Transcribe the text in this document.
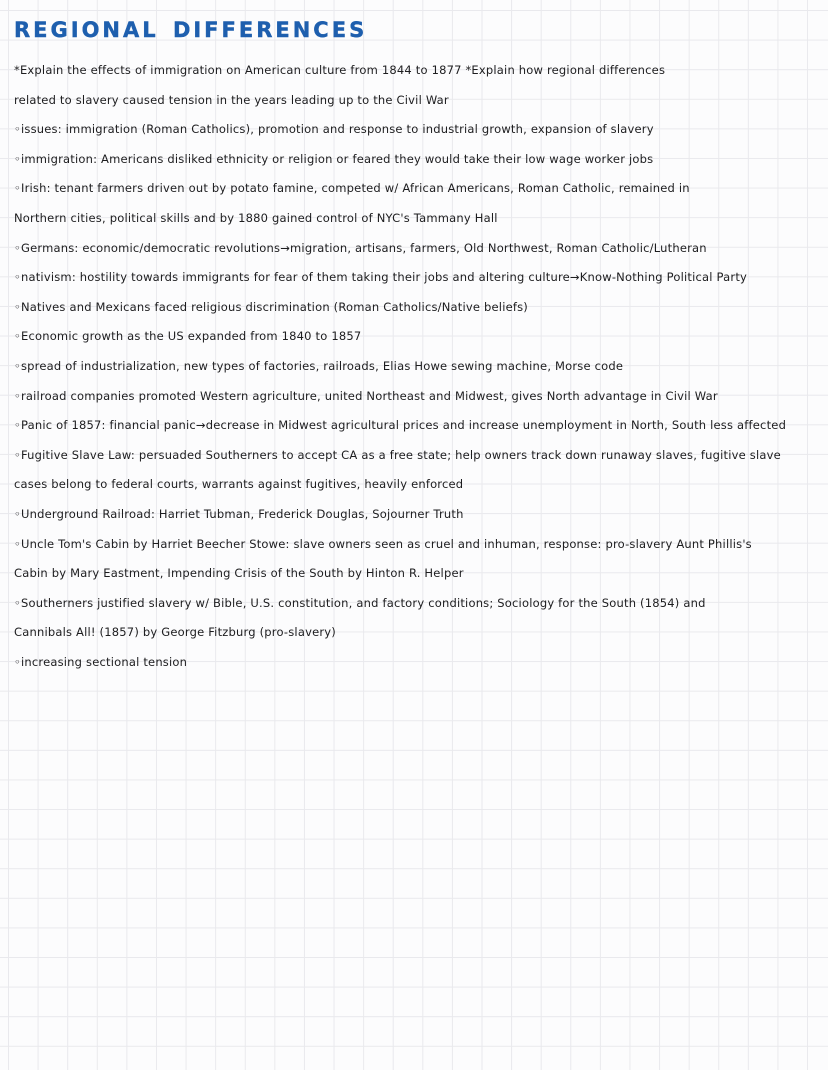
REGIONAL DIFFERENCES
*Explain the effects of immigration on American culture from 1844 to 1877 *Explain how regional differences
related to slavery caused tension in the years leading up to the Civil War
◦issues: immigration (Roman Catholics), promotion and response to industrial growth, expansion of slavery
◦immigration: Americans disliked ethnicity or religion or feared they would take their low wage worker jobs
◦Irish: tenant farmers driven out by potato famine, competed w/ African Americans, Roman Catholic, remained in
Northern cities, political skills and by 1880 gained control of NYC's Tammany Hall
◦Germans: economic/democratic revolutions→migration, artisans, farmers, Old Northwest, Roman Catholic/Lutheran
◦nativism: hostility towards immigrants for fear of them taking their jobs and altering culture→Know-Nothing Political Party
◦Natives and Mexicans faced religious discrimination (Roman Catholics/Native beliefs)
◦Economic growth as the US expanded from 1840 to 1857
◦spread of industrialization, new types of factories, railroads, Elias Howe sewing machine, Morse code
◦railroad companies promoted Western agriculture, united Northeast and Midwest, gives North advantage in Civil War
◦Panic of 1857: financial panic→decrease in Midwest agricultural prices and increase unemployment in North, South less affected
◦Fugitive Slave Law: persuaded Southerners to accept CA as a free state; help owners track down runaway slaves, fugitive slave
cases belong to federal courts, warrants against fugitives, heavily enforced
◦Underground Railroad: Harriet Tubman, Frederick Douglas, Sojourner Truth
◦Uncle Tom's Cabin by Harriet Beecher Stowe: slave owners seen as cruel and inhuman, response: pro-slavery Aunt Phillis's
Cabin by Mary Eastment, Impending Crisis of the South by Hinton R. Helper
◦Southerners justified slavery w/ Bible, U.S. constitution, and factory conditions; Sociology for the South (1854) and
Cannibals All! (1857) by George Fitzburg (pro-slavery)
◦increasing sectional tension
